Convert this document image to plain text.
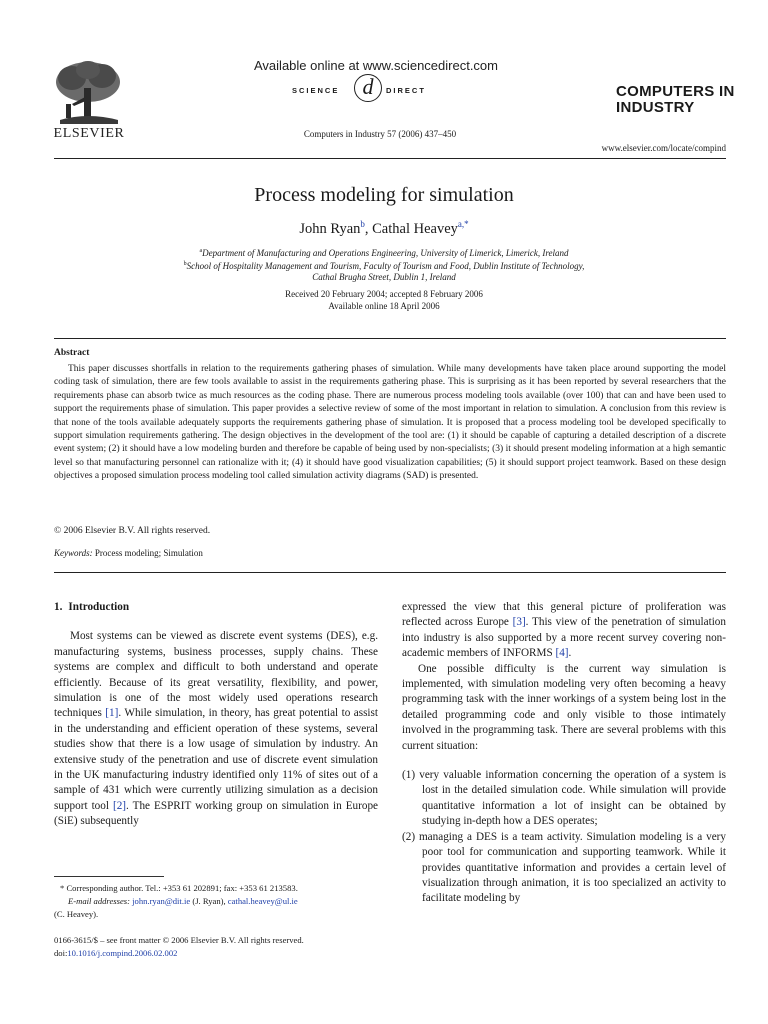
ELSEVIER
Available online at www.sciencedirect.com
SCIENCE	d	DIRECT
Computers in Industry 57 (2006) 437–450
COMPUTERS IN
INDUSTRY
www.elsevier.com/locate/compind
Process modeling for simulation
John Ryan$^b$, Cathal Heavey$^{a,*}$
$^a$Department of Manufacturing and Operations Engineering, University of Limerick, Limerick, Ireland
$^b$School of Hospitality Management and Tourism, Faculty of Tourism and Food, Dublin Institute of Technology,
Cathal Brugha Street, Dublin 1, Ireland
Received 20 February 2004; accepted 8 February 2006
Available online 18 April 2006
Abstract
This paper discusses shortfalls in relation to the requirements gathering phases of simulation. While many developments have taken place around supporting the model coding task of simulation, there are few tools available to assist in the requirements gathering phase. This is surprising as it has been reported by several researchers that the requirements phase can absorb twice as much resources as the coding phase. There are numerous process modeling tools available (over 100) that can and have been used to support the requirements phase of simulation. This paper provides a selective review of some of the most important in relation to simulation. A conclusion from this review is that none of the tools available adequately supports the requirements gathering phase of simulation. It is proposed that a process modeling tool be developed specifically to support simulation requirements gathering. The design objectives in the development of the tool are: (1) it should be capable of capturing a detailed description of a discrete event system; (2) it should have a low modeling burden and therefore be capable of being used by non-specialists; (3) it should present modeling information at a high semantic level so that manufacturing personnel can rationalize with it; (4) it should have good visualization capabilities; (5) it should support project teamwork. Based on these design objectives a proposed simulation process modeling tool called simulation activity diagrams (SAD) is presented.
© 2006 Elsevier B.V. All rights reserved.
Keywords: Process modeling; Simulation
1. Introduction

Most systems can be viewed as discrete event systems (DES), e.g. manufacturing systems, business processes, supply chains. These systems are complex and difficult to both understand and operate efficiently. Because of its great versatility, flexibility, and power, simulation is one of the most widely used operations research techniques [1]. While simulation, in theory, has great potential to assist in the understanding and efficient operation of these systems, several studies show that there is a low usage of simulation by industry. An extensive study of the penetration and use of discrete event simulation in the UK manufacturing industry identified only 11% of sites out of a sample of 431 which were currently utilizing simulation as a decision support tool [2]. The ESPRIT working group on simulation in Europe (SiE) subsequently

expressed the view that this general picture of proliferation was reflected across Europe [3]. This view of the penetration of simulation into industry is also supported by a more recent survey covering non-academic members of INFORMS [4].

One possible difficulty is the current way simulation is implemented, with simulation modeling very often becoming a heavy programming task with the inner workings of a system being lost in the detailed programming code and only visible to those intimately involved in the programming task. There are several problems with this current situation:

(1) very valuable information concerning the operation of a system is lost in the detailed simulation code. While simulation will provide quantitative information a lot of insight can be obtained by studying in-depth how a DES operates;

(2) managing a DES is a team activity. Simulation modeling is a very poor tool for communication and supporting teamwork. While it provides quantitative information and provides a certain level of visualization through animation, it is too specialized an activity to facilitate modeling by

* Corresponding author. Tel.: +353 61 202891; fax: +353 61 213583.
E-mail addresses: john.ryan@dit.ie (J. Ryan), cathal.heavey@ul.ie
(C. Heavey).
0166-3615/$ – see front matter © 2006 Elsevier B.V. All rights reserved.
doi:10.1016/j.compind.2006.02.002
